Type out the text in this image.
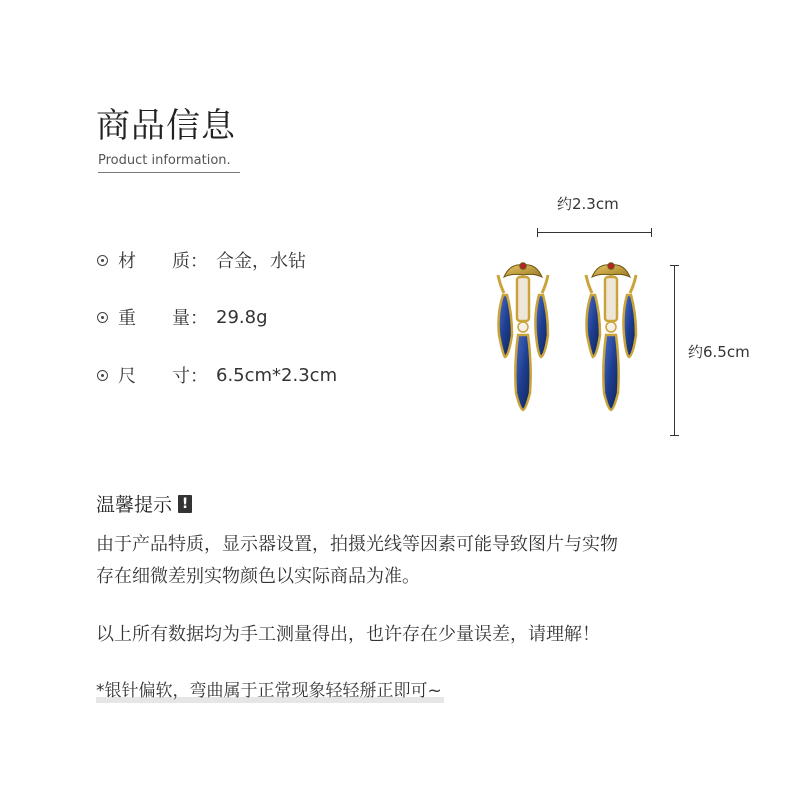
商品信息
Product information.
材	质： 合金，水钻
重	量： 29.8g
尺	寸： 6.5cm*2.3cm
约2.3cm
约6.5cm
温馨提示 !
由于产品特质，显示器设置，拍摄光线等因素可能导致图片与实物
存在细微差别实物颜色以实际商品为准。
以上所有数据均为手工测量得出，也许存在少量误差，请理解！
*银针偏软，弯曲属于正常现象轻轻掰正即可~
